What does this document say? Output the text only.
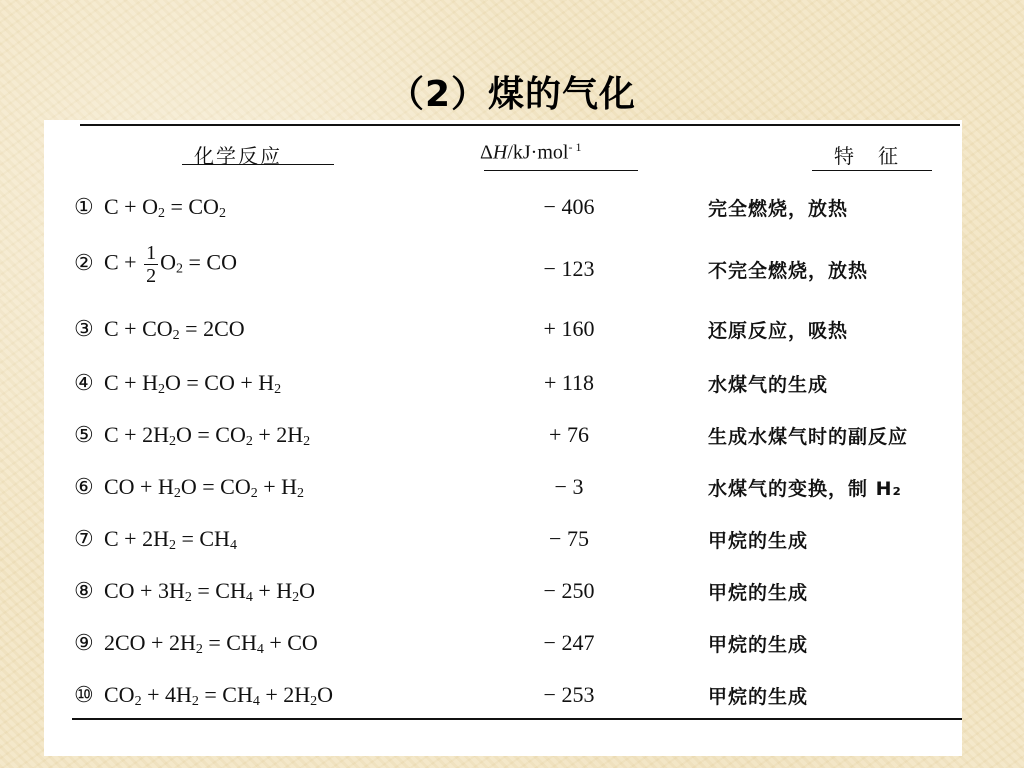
（2）煤的气化
化学反应	ΔH/kJ·mol$^{- 1}$	特　征
① $C + O_2 = CO_2$	− 406	完全燃烧，放热
② $C + \frac{1}{2} O_2$ = CO	− 123	不完全燃烧，放热
③ $C + CO_2 = 2CO$	+ 160	还原反应，吸热
④ $C + H_2O$ = CO + $H_2$	+ 118	水煤气的生成
⑤ $C + 2H_2O = CO_2 + 2H_2$	+ 76	生成水煤气时的副反应
⑥ CO + $H_2O = CO_2 + H_2$	− 3	水煤气的变换，制 H₂
⑦ $C + 2H_2 = CH_4$	− 75	甲烷的生成
⑧ CO + $3H_2 = CH_4 + H_2O$	− 250	甲烷的生成
⑨ $2CO + 2H_2 = CH_4$ + CO	− 247	甲烷的生成
⑩ $CO_2 + 4H_2 = CH_4 + 2H_2O$	− 253	甲烷的生成
